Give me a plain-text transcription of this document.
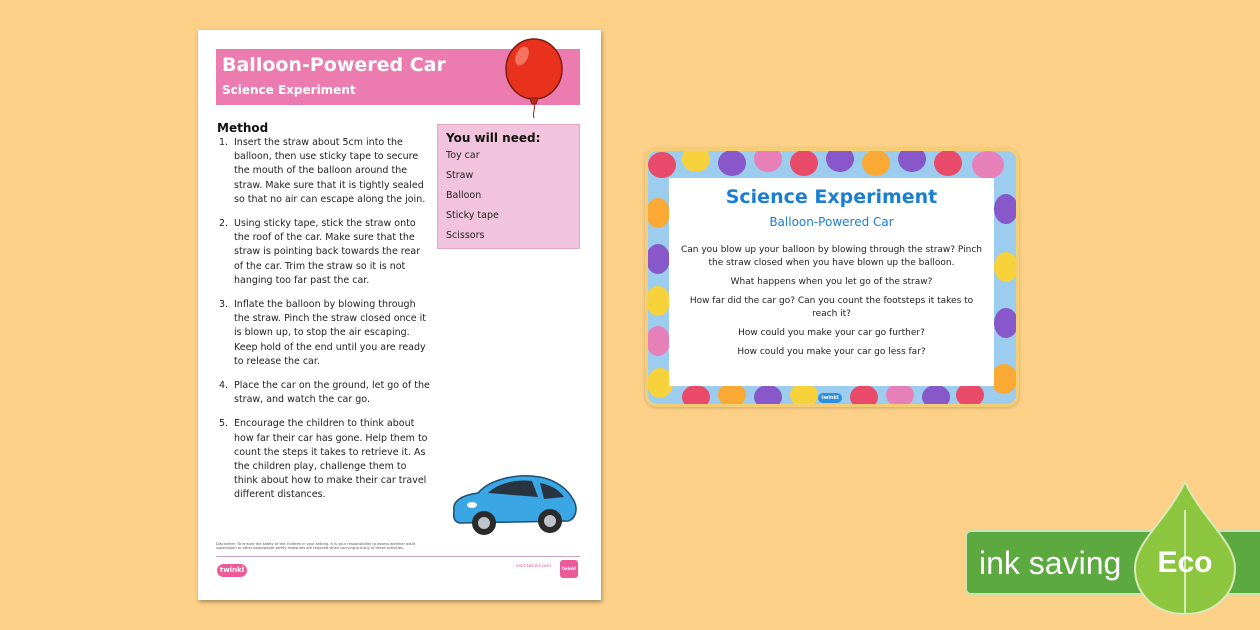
Balloon-Powered Car
Science Experiment
Method
1. Insert the straw about 5cm into the balloon, then use sticky tape to secure the mouth of the balloon around the straw. Make sure that it is tightly sealed so that no air can escape along the join.
2. Using sticky tape, stick the straw onto the roof of the car. Make sure that the straw is pointing back towards the rear of the car. Trim the straw so it is not hanging too far past the car.
3. Inflate the balloon by blowing through the straw. Pinch the straw closed once it is blown up, to stop the air escaping. Keep hold of the end until you are ready to release the car.
4. Place the car on the ground, let go of the straw, and watch the car go.
5. Encourage the children to think about how far their car has gone. Help them to count the steps it takes to retrieve it. As the children play, challenge them to think about how to make their car travel different distances.
You will need:
Toy car
Straw
Balloon
Sticky tape
Scissors
Disclaimer: To ensure the safety of the children in your setting, it is your responsibility to assess whether adult supervision or other appropriate safety measures are required when carrying out any of these activities.
twinkl	visit twinkl.com	twinkl
Science Experiment
Balloon-Powered Car
Can you blow up your balloon by blowing through the straw? Pinch the straw closed when you have blown up the balloon.
What happens when you let go of the straw?
How far did the car go? Can you count the footsteps it takes to reach it?
How could you make your car go further?
How could you make your car go less far?
twinkl
ink saving Eco
